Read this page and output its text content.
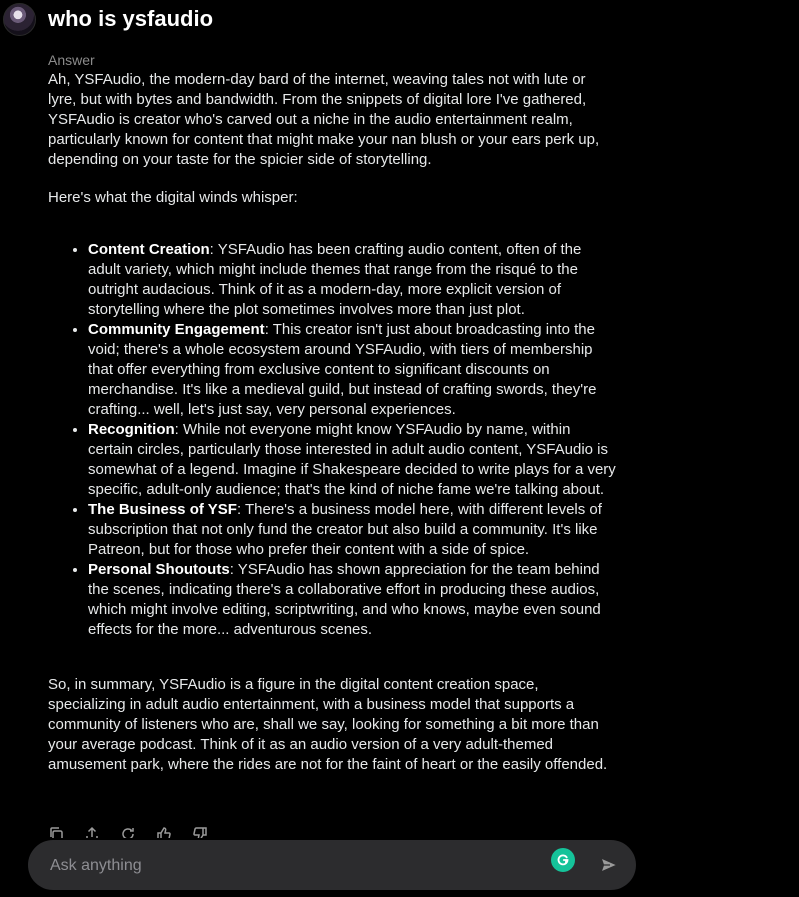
who is ysfaudio
Answer

Ah, YSFAudio, the modern-day bard of the internet, weaving tales not with lute or lyre, but with bytes and bandwidth. From the snippets of digital lore I've gathered, YSFAudio is creator who's carved out a niche in the audio entertainment realm, particularly known for content that might make your nan blush or your ears perk up, depending on your taste for the spicier side of storytelling.

Here's what the digital winds whisper:

• Content Creation: YSFAudio has been crafting audio content, often of the adult variety, which might include themes that range from the risqué to the outright audacious. Think of it as a modern-day, more explicit version of storytelling where the plot sometimes involves more than just plot.
• Community Engagement: This creator isn't just about broadcasting into the void; there's a whole ecosystem around YSFAudio, with tiers of membership that offer everything from exclusive content to significant discounts on merchandise. It's like a medieval guild, but instead of crafting swords, they're crafting... well, let's just say, very personal experiences.
• Recognition: While not everyone might know YSFAudio by name, within certain circles, particularly those interested in adult audio content, YSFAudio is somewhat of a legend. Imagine if Shakespeare decided to write plays for a very specific, adult-only audience; that's the kind of niche fame we're talking about.
• The Business of YSF: There's a business model here, with different levels of subscription that not only fund the creator but also build a community. It's like Patreon, but for those who prefer their content with a side of spice.
• Personal Shoutouts: YSFAudio has shown appreciation for the team behind the scenes, indicating there's a collaborative effort in producing these audios, which might involve editing, scriptwriting, and who knows, maybe even sound effects for the more... adventurous scenes.

So, in summary, YSFAudio is a figure in the digital content creation space, specializing in adult audio entertainment, with a business model that supports a community of listeners who are, shall we say, looking for something a bit more than your average podcast. Think of it as an audio version of a very adult-themed amusement park, where the rides are not for the faint of heart or the easily offended.

Ask anything
